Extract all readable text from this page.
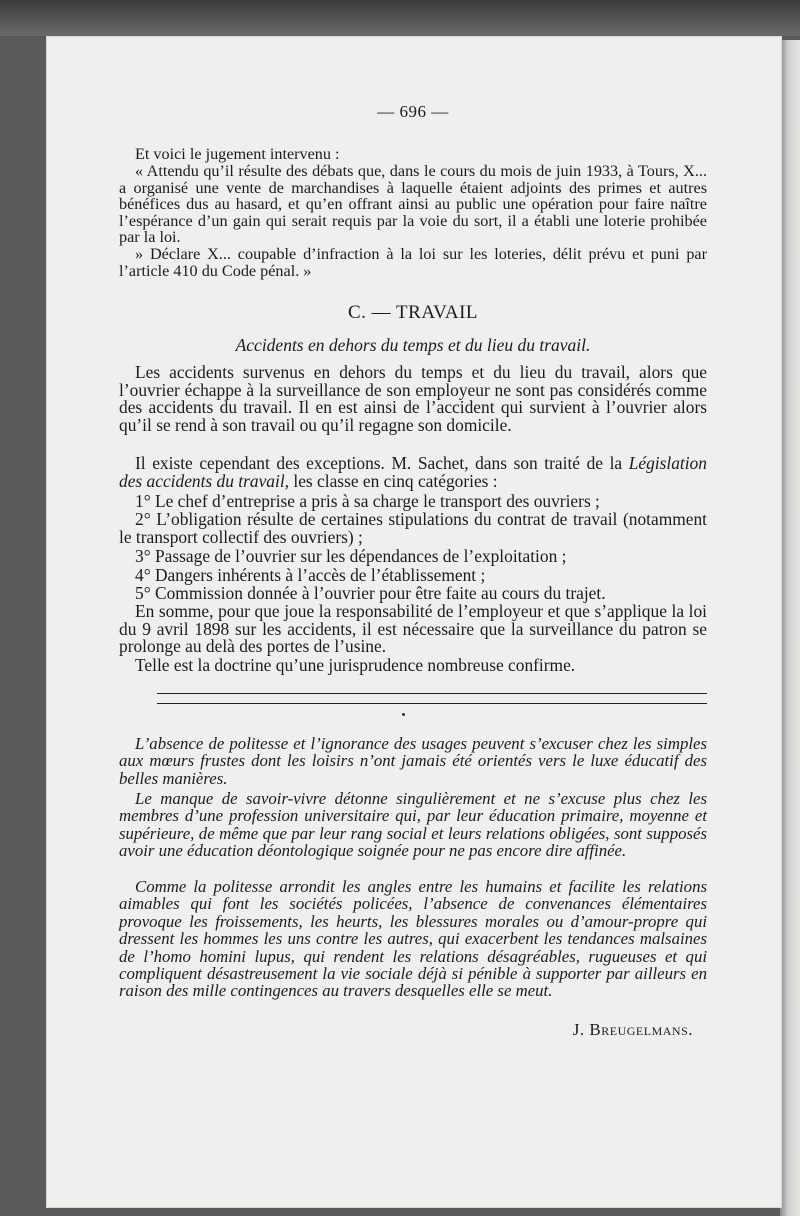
— 696 —
Et voici le jugement intervenu :
« Attendu qu’il résulte des débats que, dans le cours du mois de juin 1933, à Tours, X... a organisé une vente de marchandises à laquelle étaient adjoints des primes et autres bénéfices dus au hasard, et qu’en offrant ainsi au public une opération pour faire naître l’espérance d’un gain qui serait requis par la voie du sort, il a établi une loterie prohibée par la loi.
» Déclare X... coupable d’infraction à la loi sur les loteries, délit prévu et puni par l’article 410 du Code pénal. »
C. — TRAVAIL
Accidents en dehors du temps et du lieu du travail.
Les accidents survenus en dehors du temps et du lieu du travail, alors que l’ouvrier échappe à la surveillance de son employeur ne sont pas considérés comme des accidents du travail. Il en est ainsi de l’accident qui survient à l’ouvrier alors qu’il se rend à son travail ou qu’il regagne son domicile.
Il existe cependant des exceptions. M. Sachet, dans son traité de la Législation des accidents du travail, les classe en cinq catégories :
1° Le chef d’entreprise a pris à sa charge le transport des ouvriers ;
2° L’obligation résulte de certaines stipulations du contrat de travail (notamment le transport collectif des ouvriers) ;
3° Passage de l’ouvrier sur les dépendances de l’exploitation ;
4° Dangers inhérents à l’accès de l’établissement ;
5° Commission donnée à l’ouvrier pour être faite au cours du trajet.
En somme, pour que joue la responsabilité de l’employeur et que s’applique la loi du 9 avril 1898 sur les accidents, il est nécessaire que la surveillance du patron se prolonge au delà des portes de l’usine.
Telle est la doctrine qu’une jurisprudence nombreuse confirme.
L’absence de politesse et l’ignorance des usages peuvent s’excuser chez les simples aux mœurs frustes dont les loisirs n’ont jamais été orientés vers le luxe éducatif des belles manières.
Le manque de savoir-vivre détonne singulièrement et ne s’excuse plus chez les membres d’une profession universitaire qui, par leur éducation primaire, moyenne et supérieure, de même que par leur rang social et leurs relations obligées, sont supposés avoir une éducation déontologique soignée pour ne pas encore dire affinée.
Comme la politesse arrondit les angles entre les humains et facilite les relations aimables qui font les sociétés policées, l’absence de convenances élémentaires provoque les froissements, les heurts, les blessures morales ou d’amour-propre qui dressent les hommes les uns contre les autres, qui exacerbent les tendances malsaines de l’homo homini lupus, qui rendent les relations désagréables, rugueuses et qui compliquent désastreusement la vie sociale déjà si pénible à supporter par ailleurs en raison des mille contingences au travers desquelles elle se meut.
J. Breugelmans.
